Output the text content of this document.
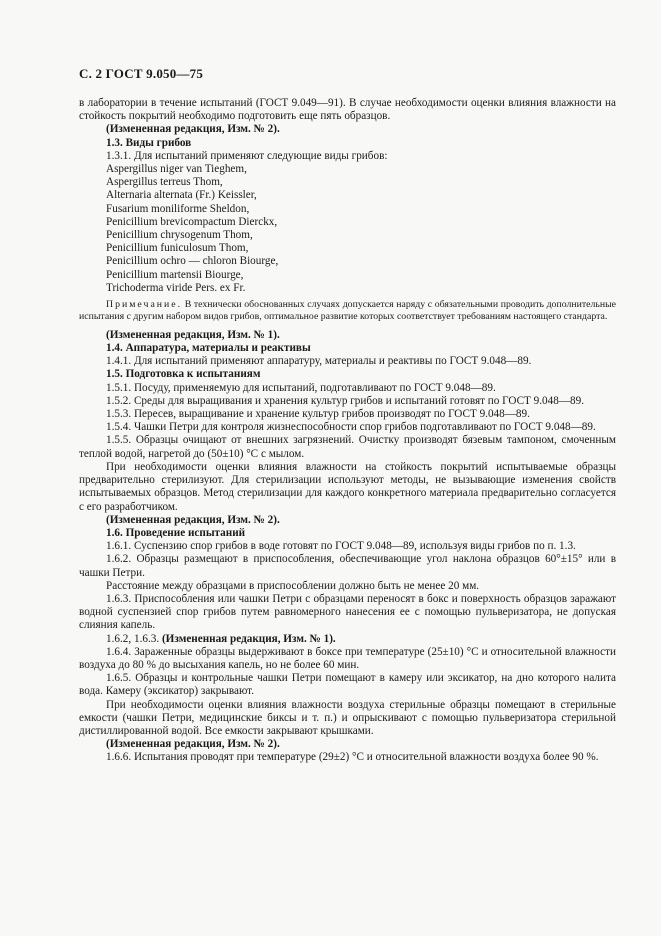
С. 2 ГОСТ 9.050—75

в лаборатории в течение испытаний (ГОСТ 9.049—91). В случае необходимости оценки влияния влажности на стойкость покрытий необходимо подготовить еще пять образцов.

(Измененная редакция, Изм. № 2).

1.3. Виды грибов

1.3.1. Для испытаний применяют следующие виды грибов:

Aspergillus niger van Tieghem,
Aspergillus terreus Thom,
Alternaria alternata (Fr.) Keissler,
Fusarium moniliforme Sheldon,
Penicillium brevicompactum Dierckx,
Penicillium chrysogenum Thom,
Penicillium funiculosum Thom,
Penicillium ochro — chloron Biourge,
Penicillium martensii Biourge,
Trichoderma viride Pers. ex Fr.

Примечание. В технически обоснованных случаях допускается наряду с обязательными проводить дополнительные испытания с другим набором видов грибов, оптимальное развитие которых соответствует требованиям настоящего стандарта.

(Измененная редакция, Изм. № 1).

1.4. Аппаратура, материалы и реактивы

1.4.1. Для испытаний применяют аппаратуру, материалы и реактивы по ГОСТ 9.048—89.

1.5. Подготовка к испытаниям

1.5.1. Посуду, применяемую для испытаний, подготавливают по ГОСТ 9.048—89.

1.5.2. Среды для выращивания и хранения культур грибов и испытаний готовят по ГОСТ 9.048—89.

1.5.3. Пересев, выращивание и хранение культур грибов производят по ГОСТ 9.048—89.

1.5.4. Чашки Петри для контроля жизнеспособности спор грибов подготавливают по ГОСТ 9.048—89.

1.5.5. Образцы очищают от внешних загрязнений. Очистку производят бязевым тампоном, смоченным теплой водой, нагретой до (50±10) °С с мылом.

При необходимости оценки влияния влажности на стойкость покрытий испытываемые образцы предварительно стерилизуют. Для стерилизации используют методы, не вызывающие изменения свойств испытываемых образцов. Метод стерилизации для каждого конкретного материала предварительно согласуется с его разработчиком.

(Измененная редакция, Изм. № 2).

1.6. Проведение испытаний

1.6.1. Суспензию спор грибов в воде готовят по ГОСТ 9.048—89, используя виды грибов по п. 1.3.

1.6.2. Образцы размещают в приспособления, обеспечивающие угол наклона образцов 60°±15° или в чашки Петри.

Расстояние между образцами в приспособлении должно быть не менее 20 мм.

1.6.3. Приспособления или чашки Петри с образцами переносят в бокс и поверхность образцов заражают водной суспензией спор грибов путем равномерного нанесения ее с помощью пульверизатора, не допуская слияния капель.

1.6.2, 1.6.3. (Измененная редакция, Изм. № 1).

1.6.4. Зараженные образцы выдерживают в боксе при температуре (25±10) °С и относительной влажности воздуха до 80 % до высыхания капель, но не более 60 мин.

1.6.5. Образцы и контрольные чашки Петри помещают в камеру или эксикатор, на дно которого налита вода. Камеру (эксикатор) закрывают.

При необходимости оценки влияния влажности воздуха стерильные образцы помещают в стерильные емкости (чашки Петри, медицинские биксы и т. п.) и опрыскивают с помощью пульверизатора стерильной дистиллированной водой. Все емкости закрывают крышками.

(Измененная редакция, Изм. № 2).

1.6.6. Испытания проводят при температуре (29±2) °С и относительной влажности воздуха более 90 %.
